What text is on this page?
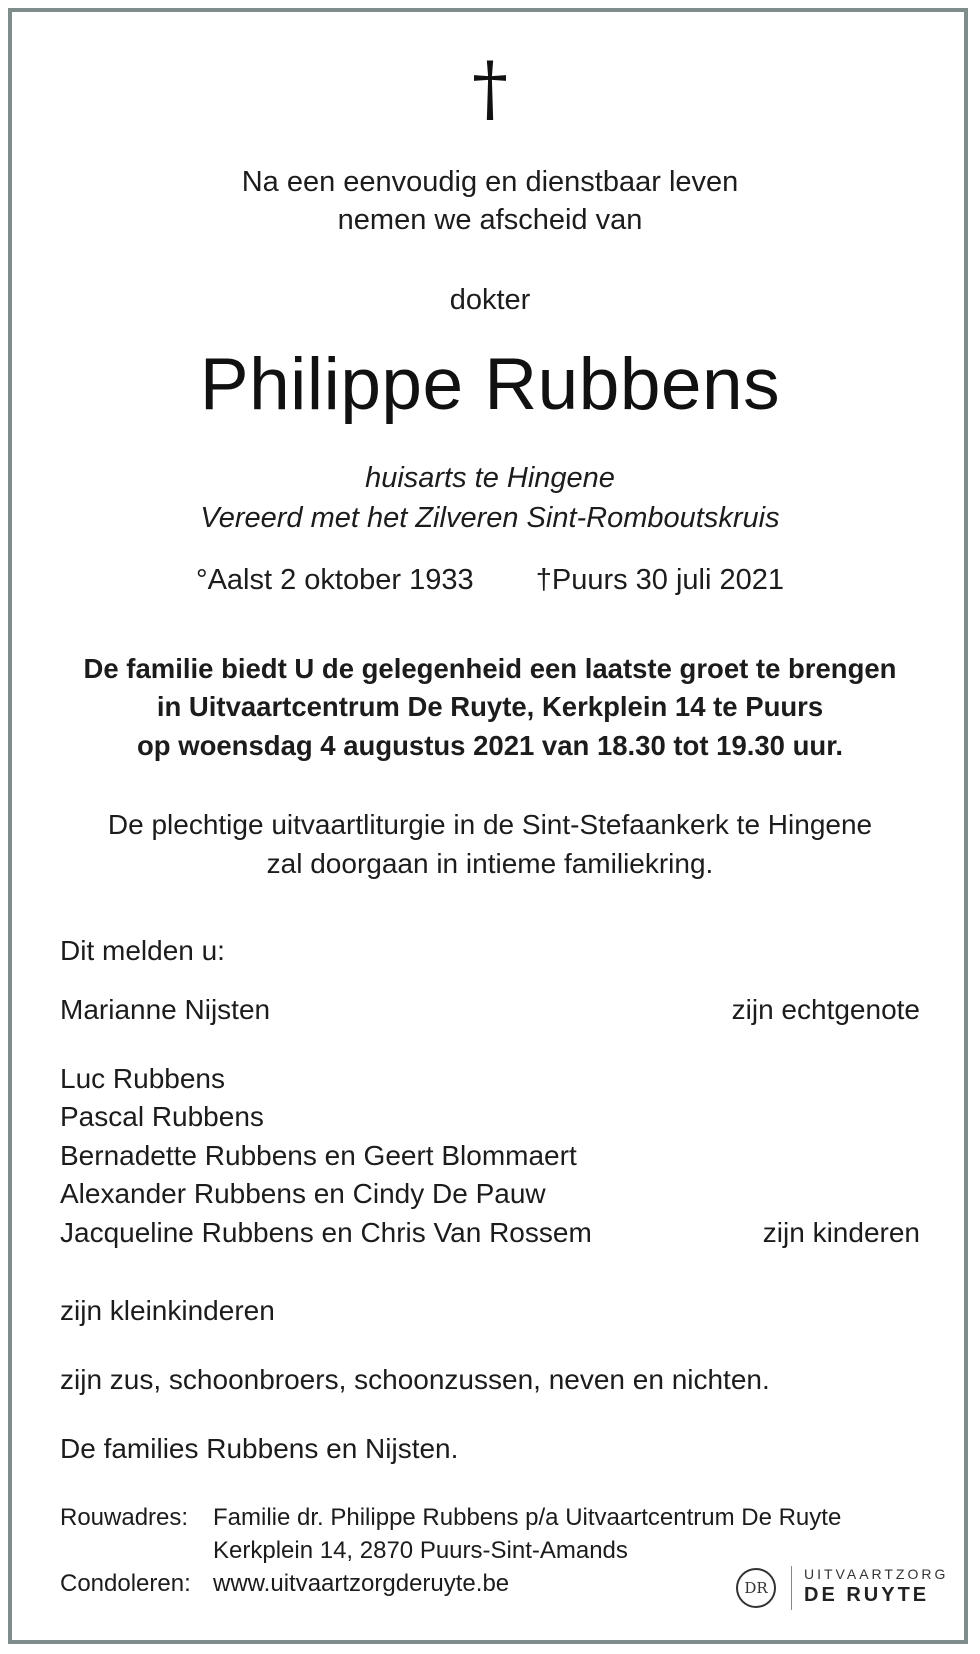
†
Na een eenvoudig en dienstbaar leven
nemen we afscheid van
dokter
Philippe Rubbens
huisarts te Hingene
Vereerd met het Zilveren Sint-Romboutskruis
°Aalst 2 oktober 1933 †Puurs 30 juli 2021
De familie biedt U de gelegenheid een laatste groet te brengen
in Uitvaartcentrum De Ruyte, Kerkplein 14 te Puurs
op woensdag 4 augustus 2021 van 18.30 tot 19.30 uur.
De plechtige uitvaartliturgie in de Sint-Stefaankerk te Hingene
zal doorgaan in intieme familiekring.
Dit melden u:
Marianne Nijsten	zijn echtgenote
Luc Rubbens
Pascal Rubbens
Bernadette Rubbens en Geert Blommaert
Alexander Rubbens en Cindy De Pauw
Jacqueline Rubbens en Chris Van Rossem	zijn kinderen
zijn kleinkinderen
zijn zus, schoonbroers, schoonzussen, neven en nichten.
De families Rubbens en Nijsten.
Rouwadres: Familie dr. Philippe Rubbens p/a Uitvaartcentrum De Ruyte
Kerkplein 14, 2870 Puurs-Sint-Amands
Condoleren: www.uitvaartzorgderuyte.be	DR
UITVAARTZORG
DE RUYTE
